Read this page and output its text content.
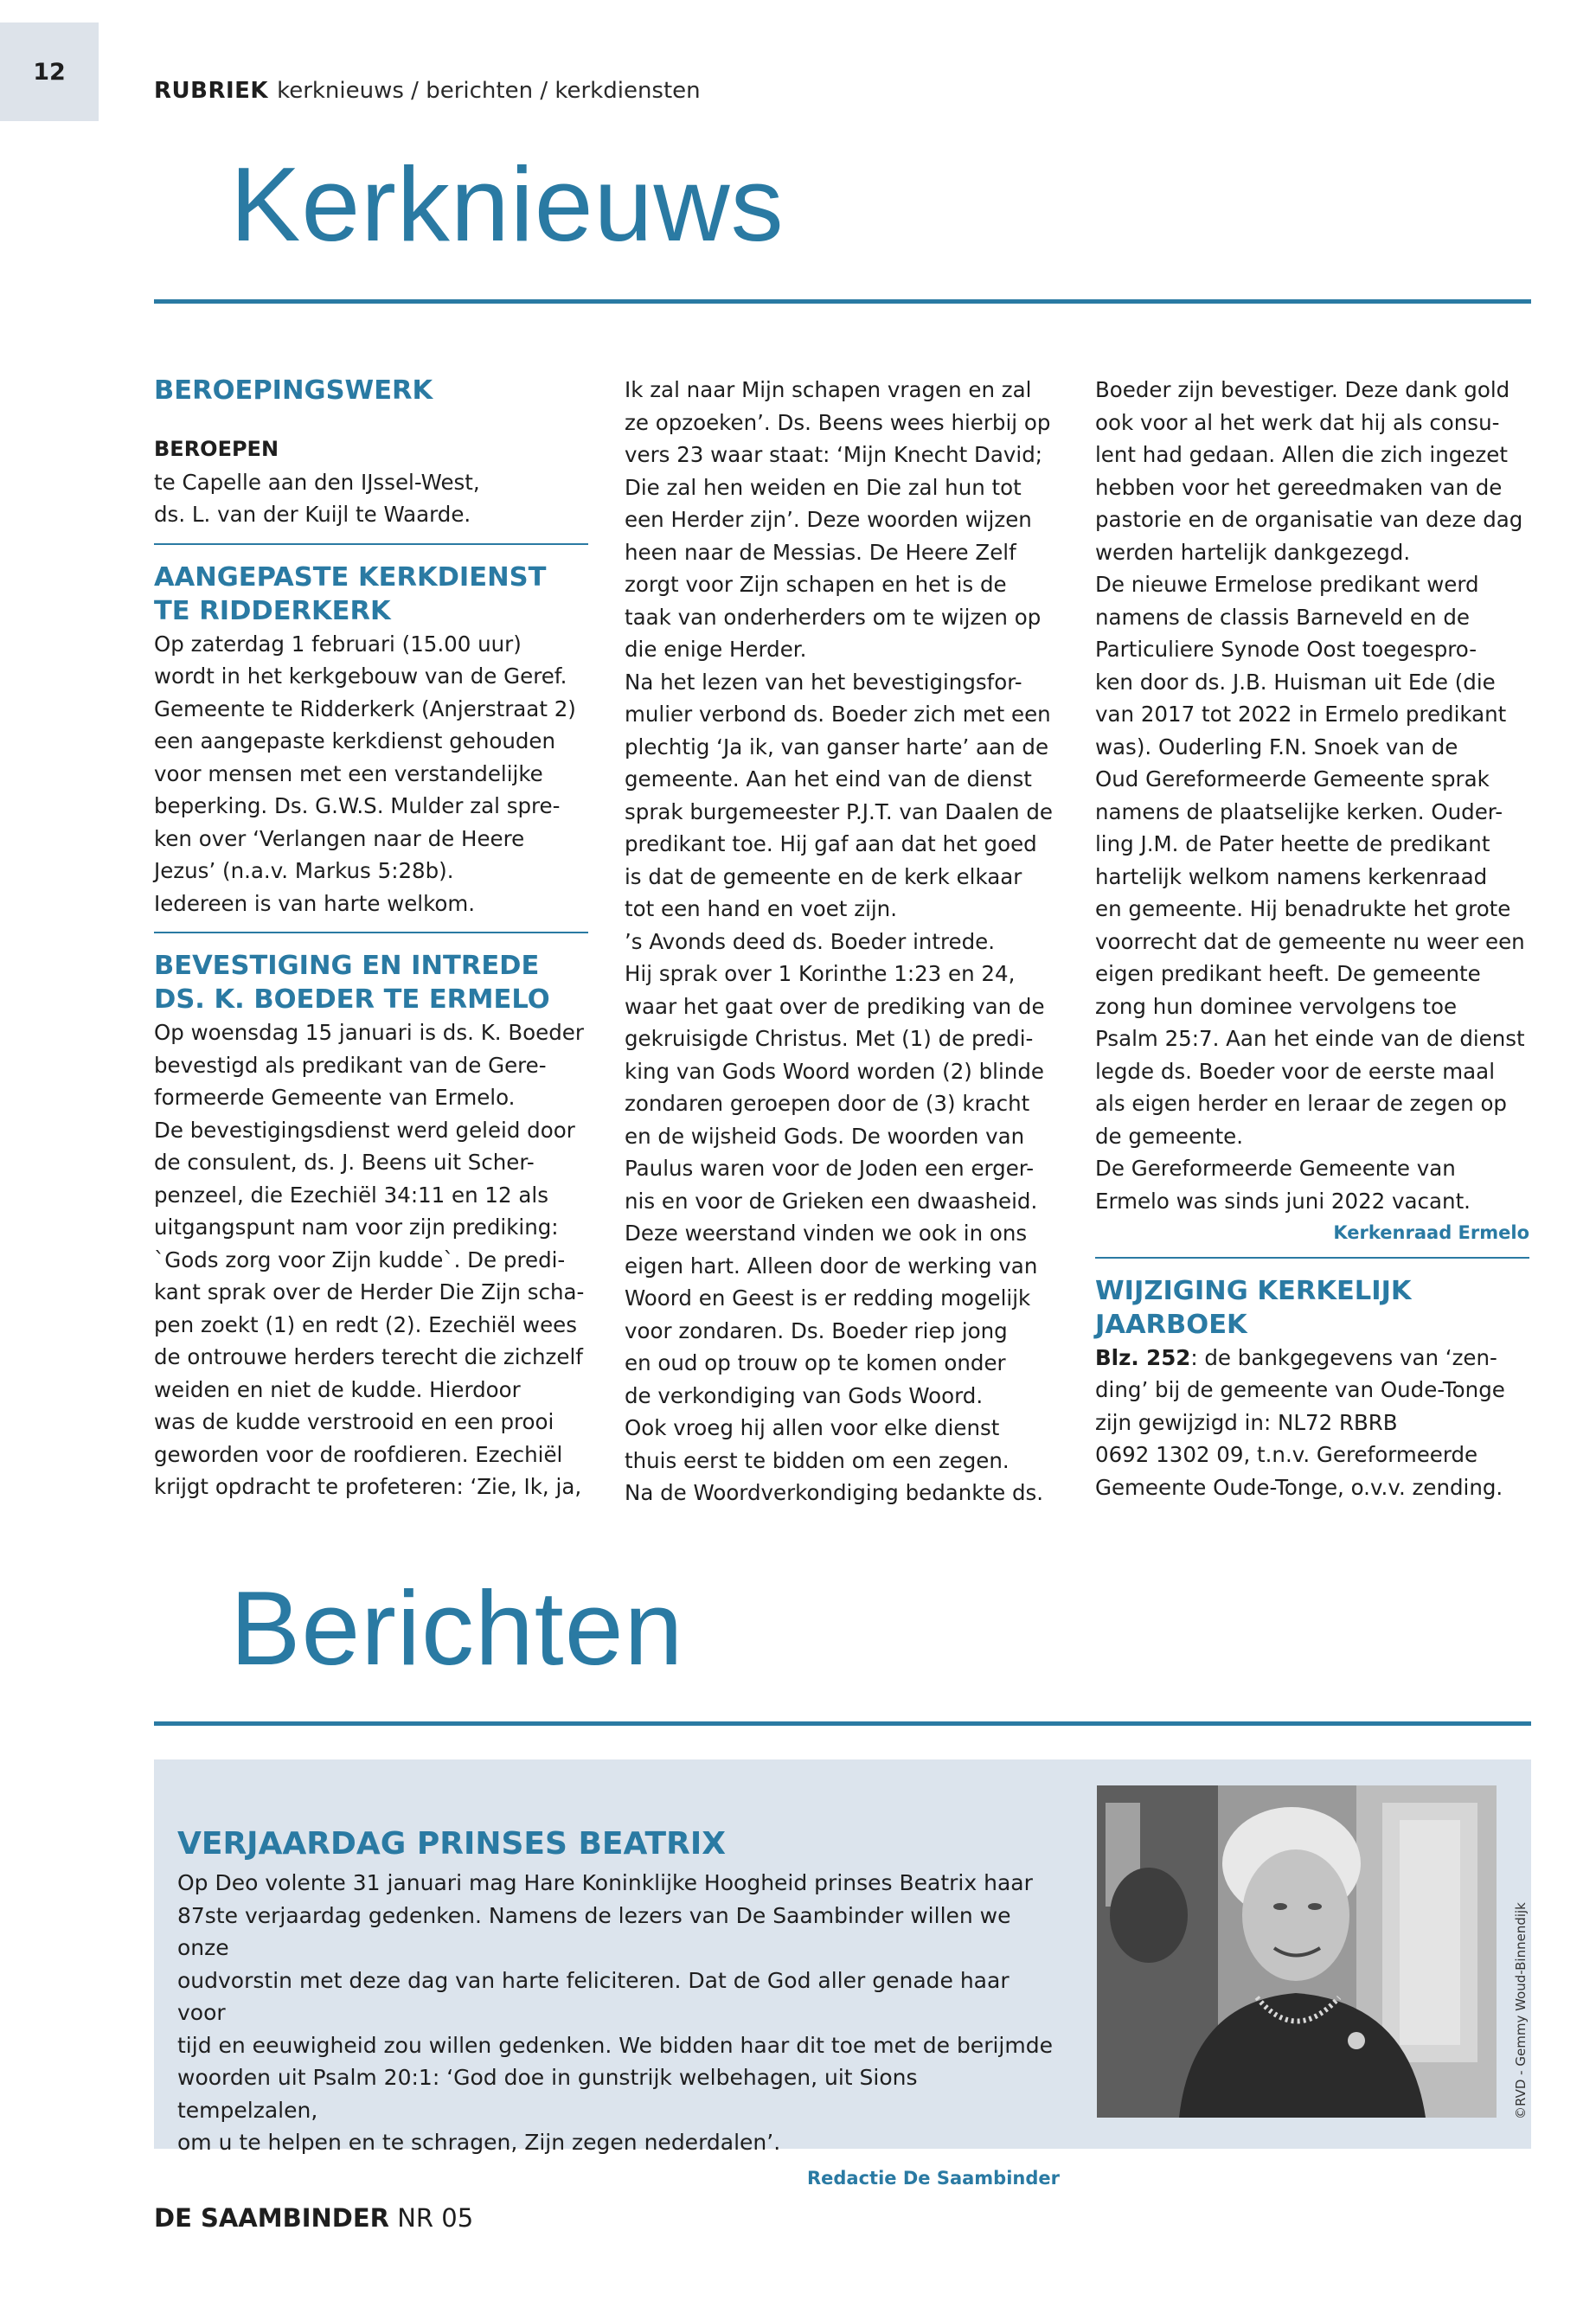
12
RUBRIEK kerknieuws / berichten / kerkdiensten
Kerknieuws

BEROEPINGSWERK

BEROEPEN

te Capelle aan den IJssel-West,

ds. L. van der Kuijl te Waarde.

AANGEPASTE KERKDIENST
TE RIDDERKERK

Op zaterdag 1 februari (15.00 uur)

wordt in het kerkgebouw van de Geref.

Gemeente te Ridderkerk (Anjerstraat 2)

een aangepaste kerkdienst gehouden

voor mensen met een verstandelijke

beperking. Ds. G.W.S. Mulder zal spre-

ken over ‘Verlangen naar de Heere

Jezus’ (n.a.v. Markus 5:28b).

Iedereen is van harte welkom.

BEVESTIGING EN INTREDE
DS. K. BOEDER TE ERMELO

Op woensdag 15 januari is ds. K. Boeder

bevestigd als predikant van de Gere-

formeerde Gemeente van Ermelo.

De bevestigingsdienst werd geleid door

de consulent, ds. J. Beens uit Scher-

penzeel, die Ezechiël 34:11 en 12 als

uitgangspunt nam voor zijn prediking:

`Gods zorg voor Zijn kudde`. De predi-

kant sprak over de Herder Die Zijn scha-

pen zoekt (1) en redt (2). Ezechiël wees

de ontrouwe herders terecht die zichzelf

weiden en niet de kudde. Hierdoor

was de kudde verstrooid en een prooi

geworden voor de roofdieren. Ezechiël

krijgt opdracht te profeteren: ‘Zie, Ik, ja,

Ik zal naar Mijn schapen vragen en zal

ze opzoeken’. Ds. Beens wees hierbij op

vers 23 waar staat: ‘Mijn Knecht David;

Die zal hen weiden en Die zal hun tot

een Herder zijn’. Deze woorden wijzen

heen naar de Messias. De Heere Zelf

zorgt voor Zijn schapen en het is de

taak van onderherders om te wijzen op

die enige Herder.

Na het lezen van het bevestigingsfor-

mulier verbond ds. Boeder zich met een

plechtig ‘Ja ik, van ganser harte’ aan de

gemeente. Aan het eind van de dienst

sprak burgemeester P.J.T. van Daalen de

predikant toe. Hij gaf aan dat het goed

is dat de gemeente en de kerk elkaar

tot een hand en voet zijn.

’s Avonds deed ds. Boeder intrede.

Hij sprak over 1 Korinthe 1:23 en 24,

waar het gaat over de prediking van de

gekruisigde Christus. Met (1) de predi-

king van Gods Woord worden (2) blinde

zondaren geroepen door de (3) kracht

en de wijsheid Gods. De woorden van

Paulus waren voor de Joden een erger-

nis en voor de Grieken een dwaasheid.

Deze weerstand vinden we ook in ons

eigen hart. Alleen door de werking van

Woord en Geest is er redding mogelijk

voor zondaren. Ds. Boeder riep jong

en oud op trouw op te komen onder

de verkondiging van Gods Woord.

Ook vroeg hij allen voor elke dienst

thuis eerst te bidden om een zegen.

Na de Woordverkondiging bedankte ds.

Boeder zijn bevestiger. Deze dank gold

ook voor al het werk dat hij als consu-

lent had gedaan. Allen die zich ingezet

hebben voor het gereedmaken van de

pastorie en de organisatie van deze dag

werden hartelijk dankgezegd.

De nieuwe Ermelose predikant werd

namens de classis Barneveld en de

Particuliere Synode Oost toegespro-

ken door ds. J.B. Huisman uit Ede (die

van 2017 tot 2022 in Ermelo predikant

was). Ouderling F.N. Snoek van de

Oud Gereformeerde Gemeente sprak

namens de plaatselijke kerken. Ouder-

ling J.M. de Pater heette de predikant

hartelijk welkom namens kerkenraad

en gemeente. Hij benadrukte het grote

voorrecht dat de gemeente nu weer een

eigen predikant heeft. De gemeente

zong hun dominee vervolgens toe

Psalm 25:7. Aan het einde van de dienst

legde ds. Boeder voor de eerste maal

als eigen herder en leraar de zegen op

de gemeente.

De Gereformeerde Gemeente van

Ermelo was sinds juni 2022 vacant.

Kerkenraad Ermelo

WIJZIGING KERKELIJK
JAARBOEK

Blz. 252: de bankgegevens van ‘zen-

ding’ bij de gemeente van Oude-Tonge

zijn gewijzigd in: NL72 RBRB

0692 1302 09, t.n.v. Gereformeerde

Gemeente Oude-Tonge, o.v.v. zending.

Berichten

VERJAARDAG PRINSES BEATRIX

Op Deo volente 31 januari mag Hare Koninklijke Hoogheid prinses Beatrix haar

87ste verjaardag gedenken. Namens de lezers van De Saambinder willen we onze

oudvorstin met deze dag van harte feliciteren. Dat de God aller genade haar voor

tijd en eeuwigheid zou willen gedenken. We bidden haar dit toe met de berijmde

woorden uit Psalm 20:1: ‘God doe in gunstrijk welbehagen, uit Sions tempelzalen,

om u te helpen en te schragen, Zijn zegen nederdalen’.

Redactie De Saambinder

©RVD - Gemmy Woud-Binnendijk
DE SAAMBINDER NR 05
